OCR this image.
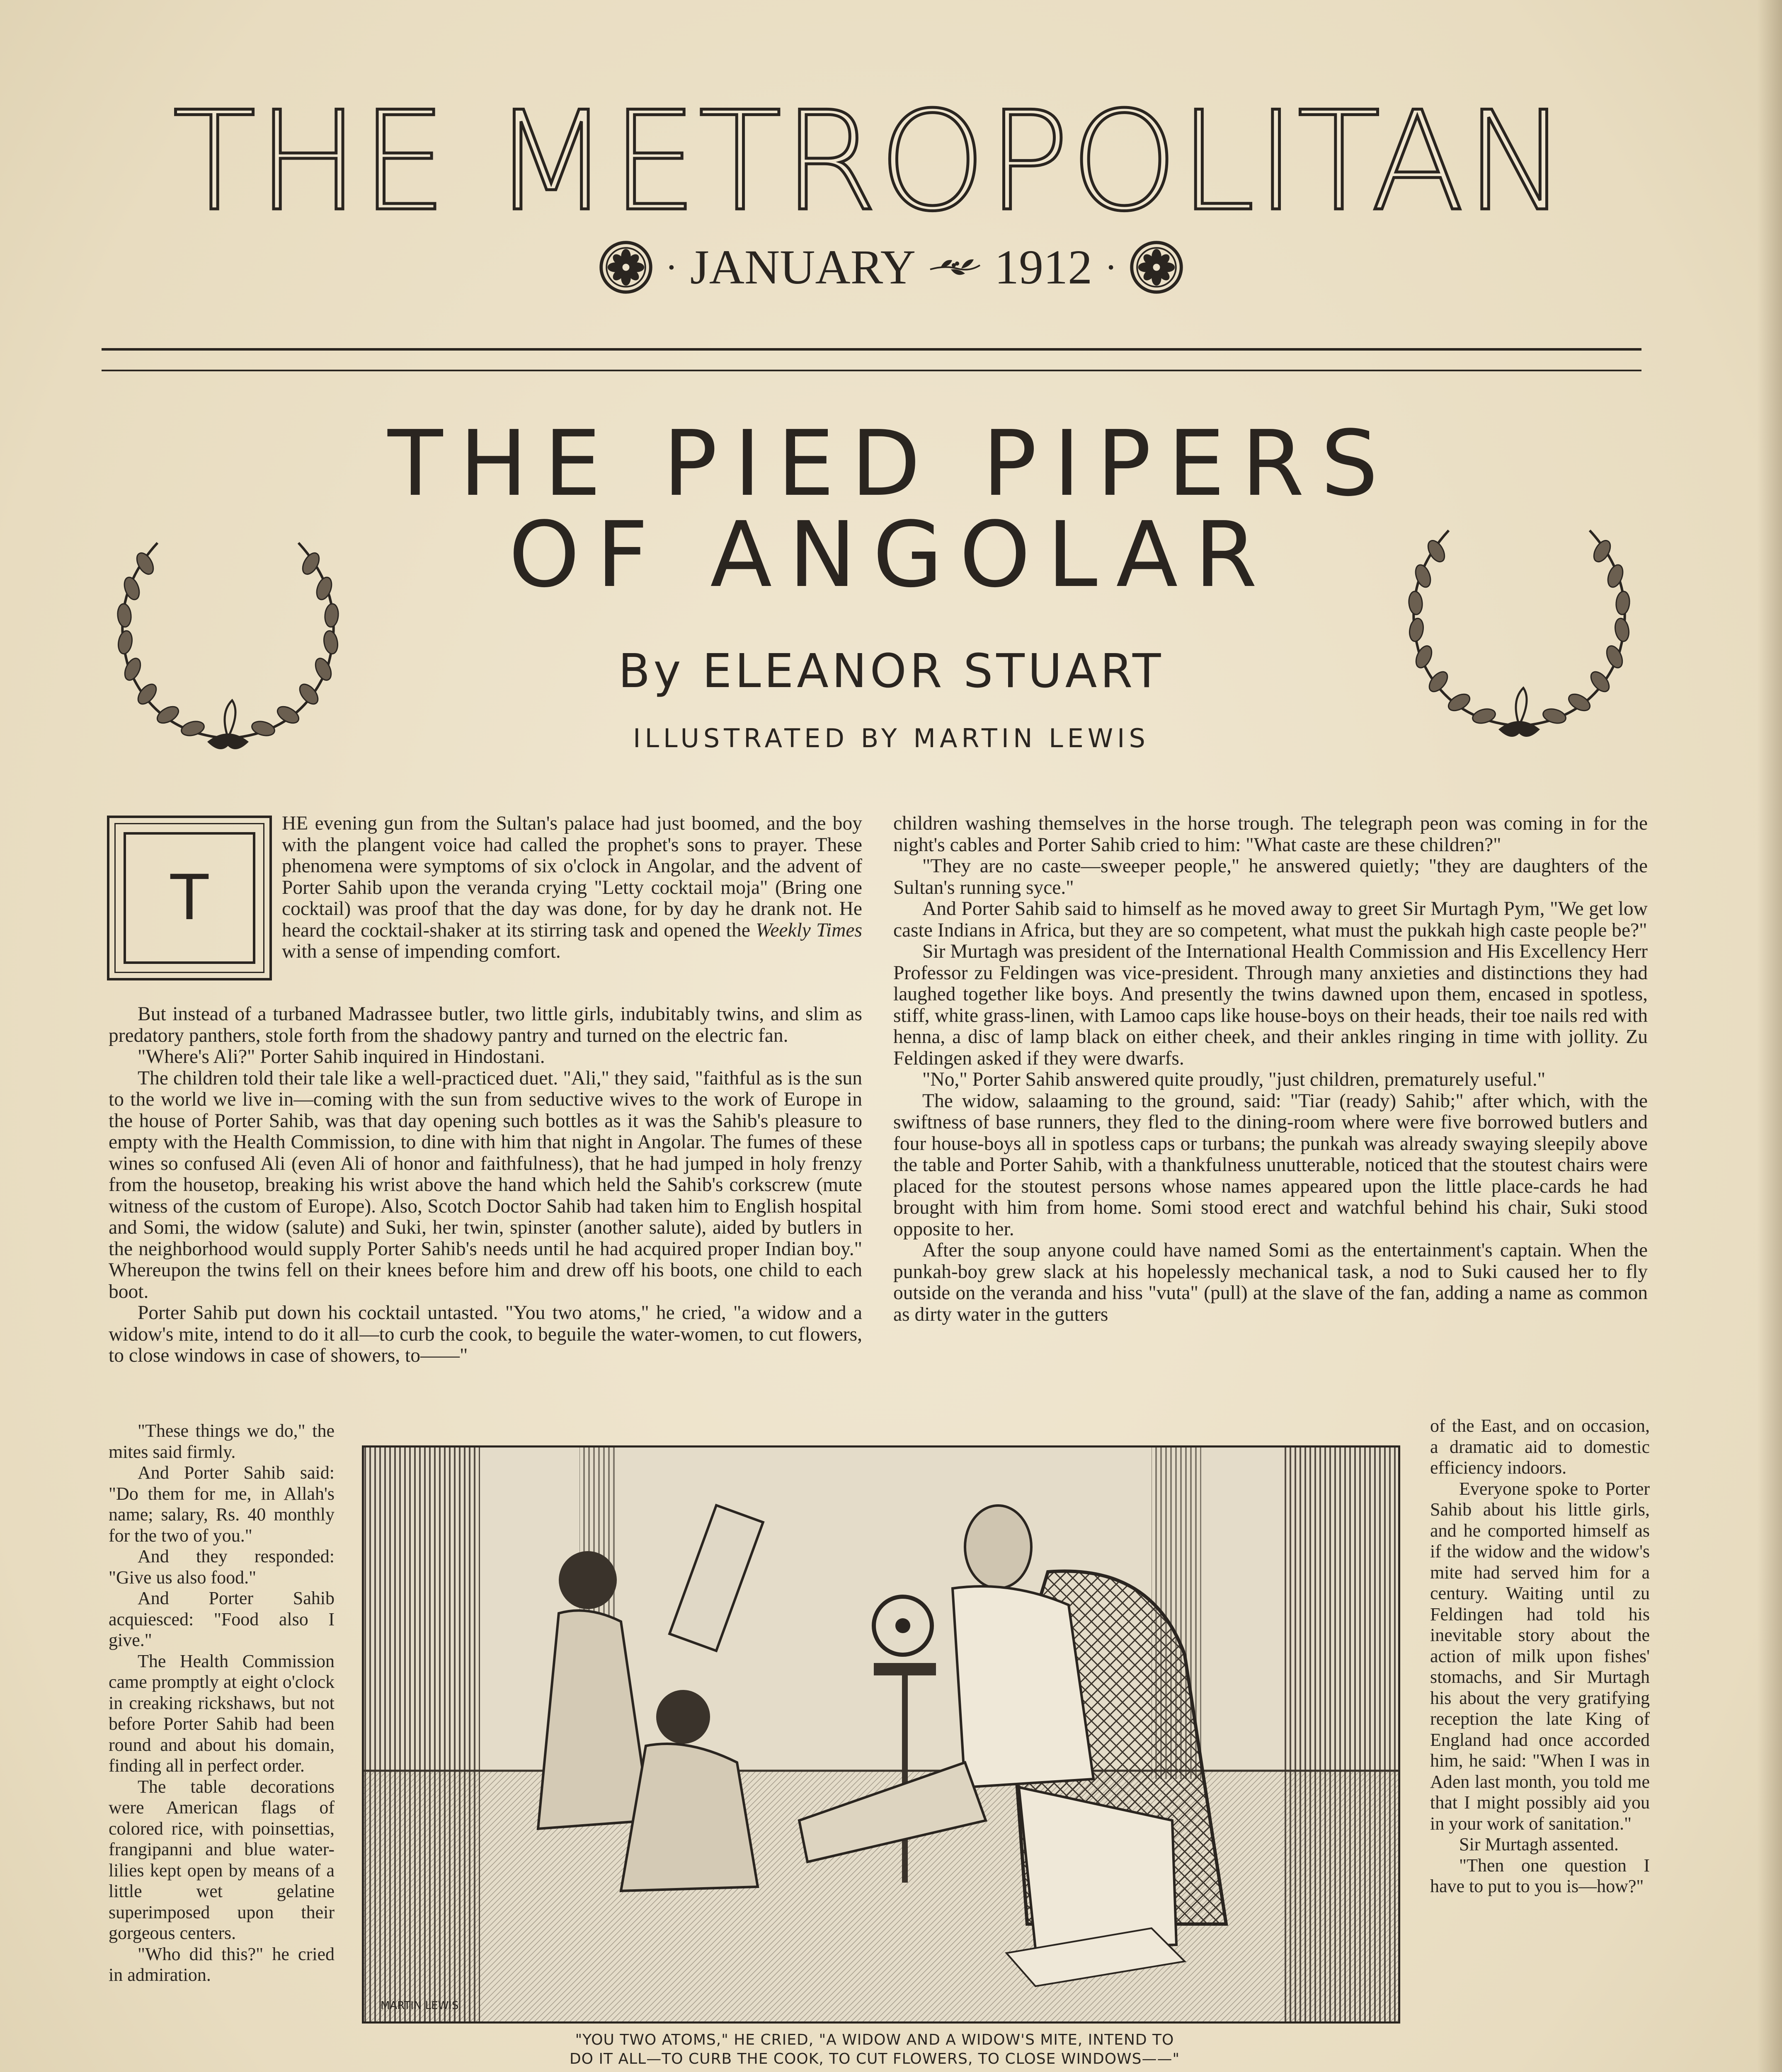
THE METROPOLITAN
· JANUARY 1912 ·
THE PIED PIPERS
OF ANGOLAR
By ELEANOR STUART
ILLUSTRATED BY MARTIN LEWIS
T

HE evening gun from the Sultan's palace had just boomed, and the boy with the plangent voice had called the prophet's sons to prayer. These phenomena were symptoms of six o'clock in Angolar, and the advent of Porter Sahib upon the veranda crying "Letty cocktail moja" (Bring one cocktail) was proof that the day was done, for by day he drank not. He heard the cocktail-shaker at its stirring task and opened the Weekly Times with a sense of impending comfort.

But instead of a turbaned Madrassee butler, two little girls, indubitably twins, and slim as predatory panthers, stole forth from the shadowy pantry and turned on the electric fan.

"Where's Ali?" Porter Sahib inquired in Hindostani.

The children told their tale like a well-practiced duet. "Ali," they said, "faithful as is the sun to the world we live in—coming with the sun from seductive wives to the work of Europe in the house of Porter Sahib, was that day opening such bottles as it was the Sahib's pleasure to empty with the Health Commission, to dine with him that night in Angolar. The fumes of these wines so confused Ali (even Ali of honor and faithfulness), that he had jumped in holy frenzy from the housetop, breaking his wrist above the hand which held the Sahib's corkscrew (mute witness of the custom of Europe). Also, Scotch Doctor Sahib had taken him to English hospital and Somi, the widow (salute) and Suki, her twin, spinster (another salute), aided by butlers in the neighborhood would supply Porter Sahib's needs until he had acquired proper Indian boy." Whereupon the twins fell on their knees before him and drew off his boots, one child to each boot.

Porter Sahib put down his cocktail untasted. "You two atoms," he cried, "a widow and a widow's mite, intend to do it all—to curb the cook, to beguile the water-women, to cut flowers, to close windows in case of showers, to——"

"These things we do," the mites said firmly.

And Porter Sahib said: "Do them for me, in Allah's name; salary, Rs. 40 monthly for the two of you."

And they responded: "Give us also food."

And Porter Sahib acquiesced: "Food also I give."

The Health Commission came promptly at eight o'clock in creaking rickshaws, but not before Porter Sahib had been round and about his domain, finding all in perfect order.

The table decorations were American flags of colored rice, with poinsettias, frangipanni and blue water-lilies kept open by means of a little wet gelatine superimposed upon their gorgeous centers.

"Who did this?" he cried in admiration.

children washing themselves in the horse trough. The telegraph peon was coming in for the night's cables and Porter Sahib cried to him: "What caste are these children?"

"They are no caste—sweeper people," he answered quietly; "they are daughters of the Sultan's running syce."

And Porter Sahib said to himself as he moved away to greet Sir Murtagh Pym, "We get low caste Indians in Africa, but they are so competent, what must the pukkah high caste people be?"

Sir Murtagh was president of the International Health Commission and His Excellency Herr Professor zu Feldingen was vice-president. Through many anxieties and distinctions they had laughed together like boys. And presently the twins dawned upon them, encased in spotless, stiff, white grass-linen, with Lamoo caps like house-boys on their heads, their toe nails red with henna, a disc of lamp black on either cheek, and their ankles ringing in time with jollity. Zu Feldingen asked if they were dwarfs.

"No," Porter Sahib answered quite proudly, "just children, prematurely useful."

The widow, salaaming to the ground, said: "Tiar (ready) Sahib;" after which, with the swiftness of base runners, they fled to the dining-room where were five borrowed butlers and four house-boys all in spotless caps or turbans; the punkah was already swaying sleepily above the table and Porter Sahib, with a thankfulness unutterable, noticed that the stoutest chairs were placed for the stoutest persons whose names appeared upon the little place-cards he had brought with him from home. Somi stood erect and watchful behind his chair, Suki stood opposite to her.

After the soup anyone could have named Somi as the entertainment's captain. When the punkah-boy grew slack at his hopelessly mechanical task, a nod to Suki caused her to fly outside on the veranda and hiss "vuta" (pull) at the slave of the fan, adding a name as common as dirty water in the gutters

of the East, and on occasion, a dramatic aid to domestic efficiency indoors.

Everyone spoke to Porter Sahib about his little girls, and he comported himself as if the widow and the widow's mite had served him for a century. Waiting until zu Feldingen had told his inevitable story about the action of milk upon fishes' stomachs, and Sir Murtagh his about the very gratifying reception the late King of England had once accorded him, he said: "When I was in Aden last month, you told me that I might possibly aid you in your work of sanitation."

Sir Murtagh assented.

"Then one question I have to put to you is—how?"

MARTIN LEWIS
"YOU TWO ATOMS," HE CRIED, "A WIDOW AND A WIDOW'S MITE, INTEND TO
DO IT ALL—TO CURB THE COOK, TO CUT FLOWERS, TO CLOSE WINDOWS——"
